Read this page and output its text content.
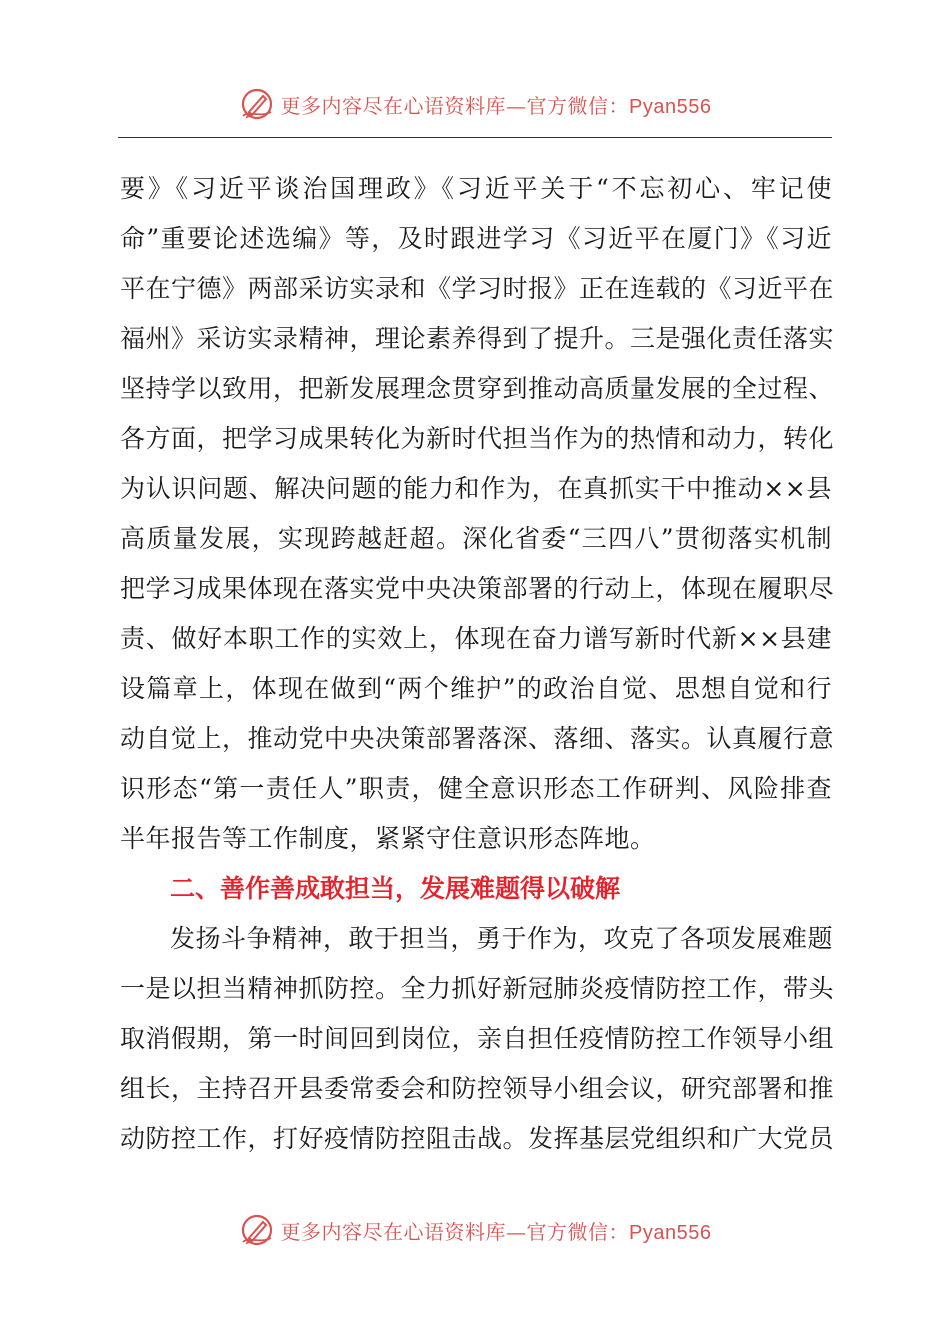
更多内容尽在心语资料库—官方微信：Pyan556
要》《习近平谈治国理政》《习近平关于“不忘初心、牢记使
命”重要论述选编》等，及时跟进学习《习近平在厦门》《习近
平在宁德》两部采访实录和《学习时报》正在连载的《习近平在
福州》采访实录精神，理论素养得到了提升。三是强化责任落实
坚持学以致用，把新发展理念贯穿到推动高质量发展的全过程、
各方面，把学习成果转化为新时代担当作为的热情和动力，转化
为认识问题、解决问题的能力和作为，在真抓实干中推动××县
高质量发展，实现跨越赶超。深化省委“三四八”贯彻落实机制
把学习成果体现在落实党中央决策部署的行动上，体现在履职尽
责、做好本职工作的实效上，体现在奋力谱写新时代新××县建
设篇章上，体现在做到“两个维护”的政治自觉、思想自觉和行
动自觉上，推动党中央决策部署落深、落细、落实。认真履行意
识形态“第一责任人”职责，健全意识形态工作研判、风险排查
半年报告等工作制度，紧紧守住意识形态阵地。
二、善作善成敢担当，发展难题得以破解
发扬斗争精神，敢于担当，勇于作为，攻克了各项发展难题
一是以担当精神抓防控。全力抓好新冠肺炎疫情防控工作，带头
取消假期，第一时间回到岗位，亲自担任疫情防控工作领导小组
组长，主持召开县委常委会和防控领导小组会议，研究部署和推
动防控工作，打好疫情防控阻击战。发挥基层党组织和广大党员
更多内容尽在心语资料库—官方微信：Pyan556
